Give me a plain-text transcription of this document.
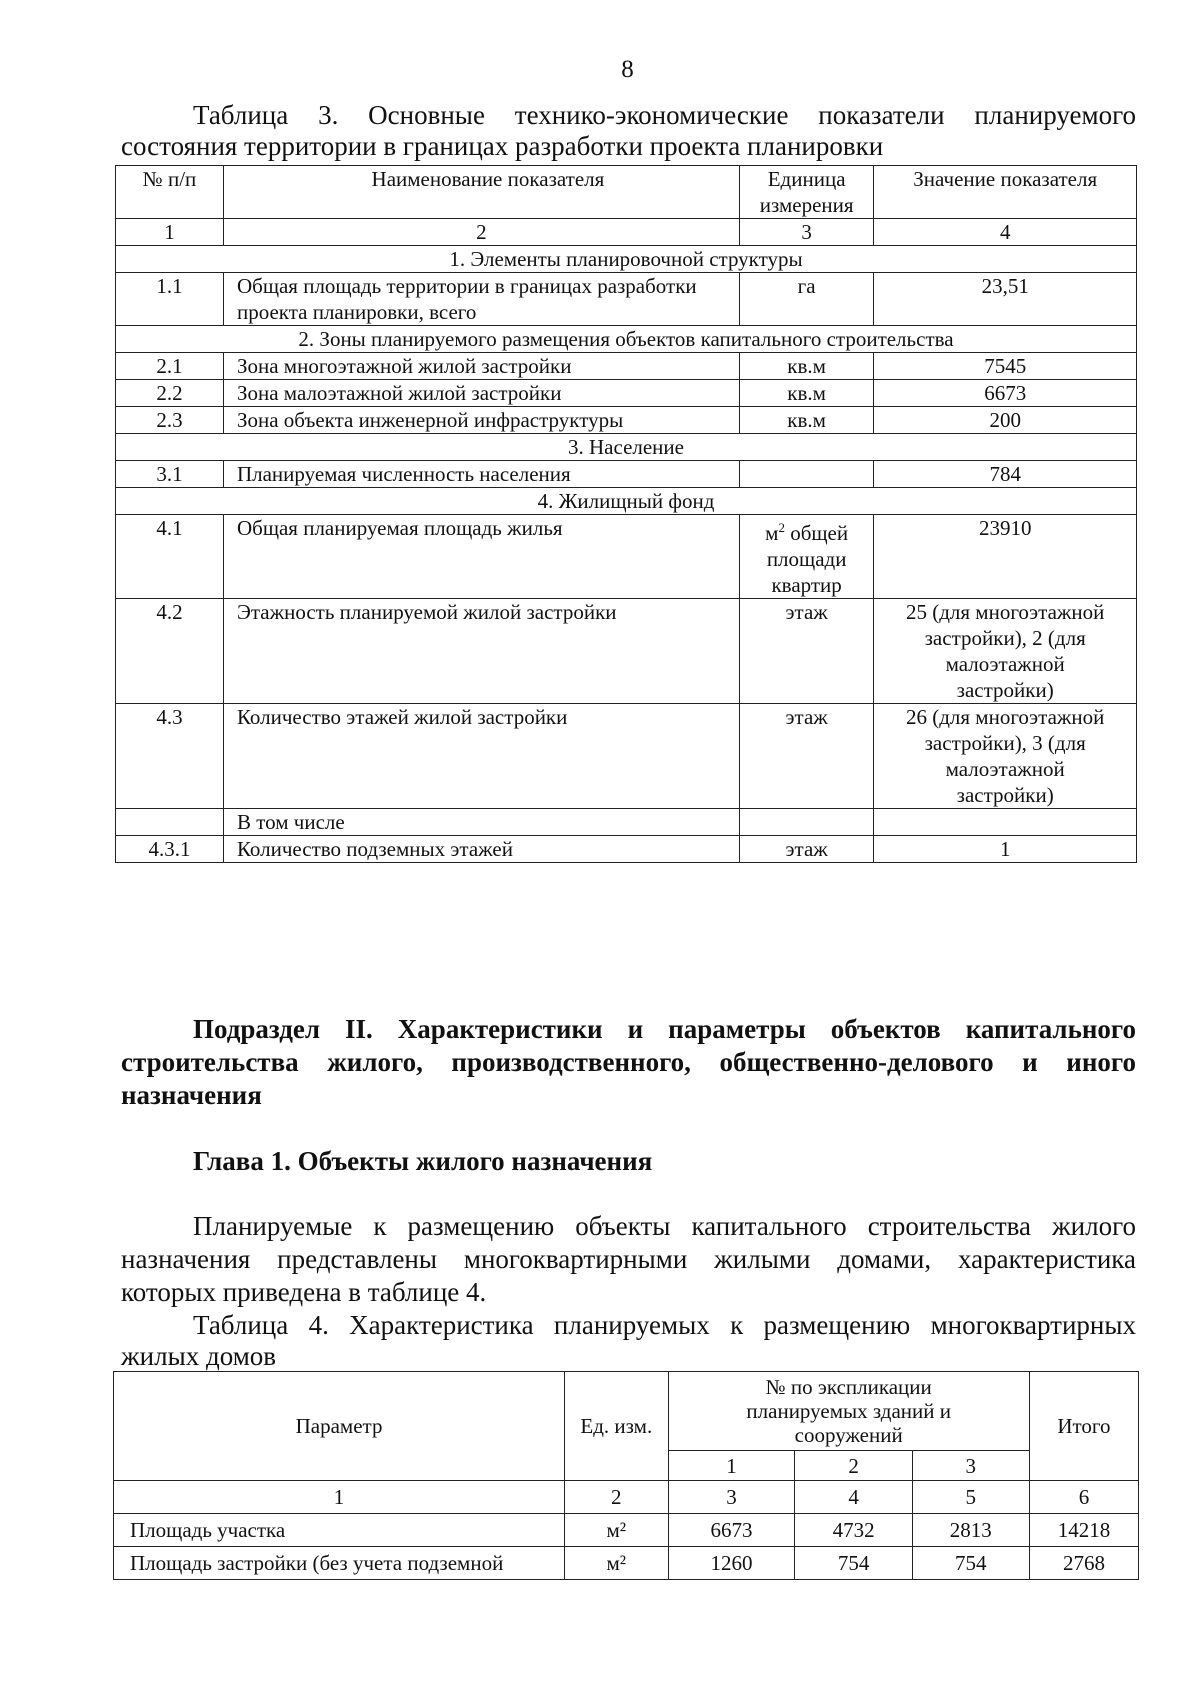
8
Таблица 3. Основные технико-экономические показатели планируемого состояния территории в границах разработки проекта планировки
№ п/п	Наименование показателя	Единица измерения	Значение показателя
1	2	3	4
1. Элементы планировочной структуры			
1.1	Общая площадь территории в границах разработки проекта планировки, всего	га	23,51
2. Зоны планируемого размещения объектов капитального строительства			
2.1	Зона многоэтажной жилой застройки	кв.м	7545
2.2	Зона малоэтажной жилой застройки	кв.м	6673
2.3	Зона объекта инженерной инфраструктуры	кв.м	200
3. Население			
3.1	Планируемая численность населения		784
4. Жилищный фонд			
4.1	Общая планируемая площадь жилья	$м^2$ общей площади квартир	23910
4.2	Этажность планируемой жилой застройки	этаж	25 (для многоэтажной застройки), 2 (для малоэтажной застройки)
4.3	Количество этажей жилой застройки	этаж	26 (для многоэтажной застройки), 3 (для малоэтажной застройки)
	В том числе		
4.3.1	Количество подземных этажей	этаж	1
Подраздел II. Характеристики и параметры объектов капитального строительства жилого, производственного, общественно-делового и иного назначения
Глава 1. Объекты жилого назначения
Планируемые к размещению объекты капитального строительства жилого назначения представлены многоквартирными жилыми домами, характеристика которых приведена в таблице 4.
Таблица 4. Характеристика планируемых к размещению многоквартирных жилых домов
Параметр	Ед. изм.	№ по экспликации планируемых зданий и сооружений			Итого
		1	2	3	
1	2	3	4	5	6
Площадь участка	м²	6673	4732	2813	14218
Площадь застройки (без учета подземной	м²	1260	754	754	2768
